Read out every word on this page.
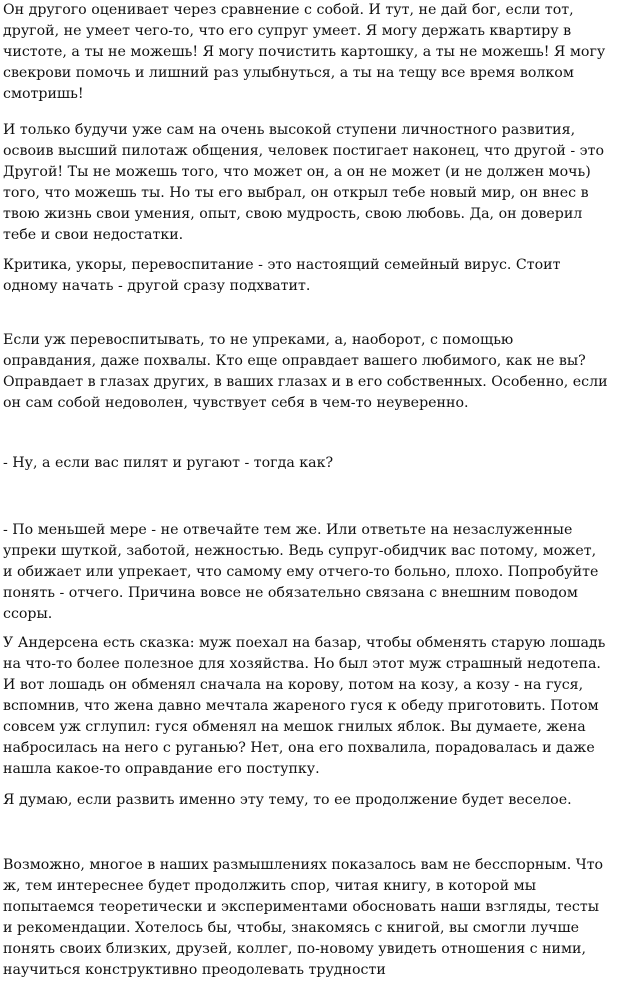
Он другого оценивает через сравнение с собой. И тут, не дай бог, если тот, другой, не умеет чего-то, что его супруг умеет. Я могу держать квартиру в чистоте, а ты не можешь! Я могу почистить картошку, а ты не можешь! Я могу свекрови помочь и лишний раз улыбнуться, а ты на тещу все время волком смотришь!

И только будучи уже сам на очень высокой ступени личностного развития, освоив высший пилотаж общения, человек постигает наконец, что другой - это Другой! Ты не можешь того, что может он, а он не может (и не должен мочь) того, что можешь ты. Но ты его выбрал, он открыл тебе новый мир, он внес в твою жизнь свои умения, опыт, свою мудрость, свою любовь. Да, он доверил тебе и свои недостатки.

Критика, укоры, перевоспитание - это настоящий семейный вирус. Стоит одному начать - другой сразу подхватит.

Если уж перевоспитывать, то не упреками, а, наоборот, с помощью оправдания, даже похвалы. Кто еще оправдает вашего любимого, как не вы? Оправдает в глазах других, в ваших глазах и в его собственных. Особенно, если он сам собой недоволен, чувствует себя в чем-то неуверенно.

- Ну, а если вас пилят и ругают - тогда как?

- По меньшей мере - не отвечайте тем же. Или ответьте на незаслуженные упреки шуткой, заботой, нежностью. Ведь супруг-обидчик вас потому, может, и обижает или упрекает, что самому ему отчего-то больно, плохо. Попробуйте понять - отчего. Причина вовсе не обязательно связана с внешним поводом ссоры.

У Андерсена есть сказка: муж поехал на базар, чтобы обменять старую лошадь на что-то более полезное для хозяйства. Но был этот муж страшный недотепа. И вот лошадь он обменял сначала на корову, потом на козу, а козу - на гуся, вспомнив, что жена давно мечтала жареного гуся к обеду приготовить. Потом совсем уж сглупил: гуся обменял на мешок гнилых яблок. Вы думаете, жена набросилась на него с руганью? Нет, она его похвалила, порадовалась и даже нашла какое-то оправдание его поступку.

Я думаю, если развить именно эту тему, то ее продолжение будет веселое.

Возможно, многое в наших размышлениях показалось вам не бесспорным. Что ж, тем интереснее будет продолжить спор, читая книгу, в которой мы попытаемся теоретически и экспериментами обосновать наши взгляды, тесты и рекомендации. Хотелось бы, чтобы, знакомясь с книгой, вы смогли лучше понять своих близких, друзей, коллег, по-новому увидеть отношения с ними, научиться конструктивно преодолевать трудности
